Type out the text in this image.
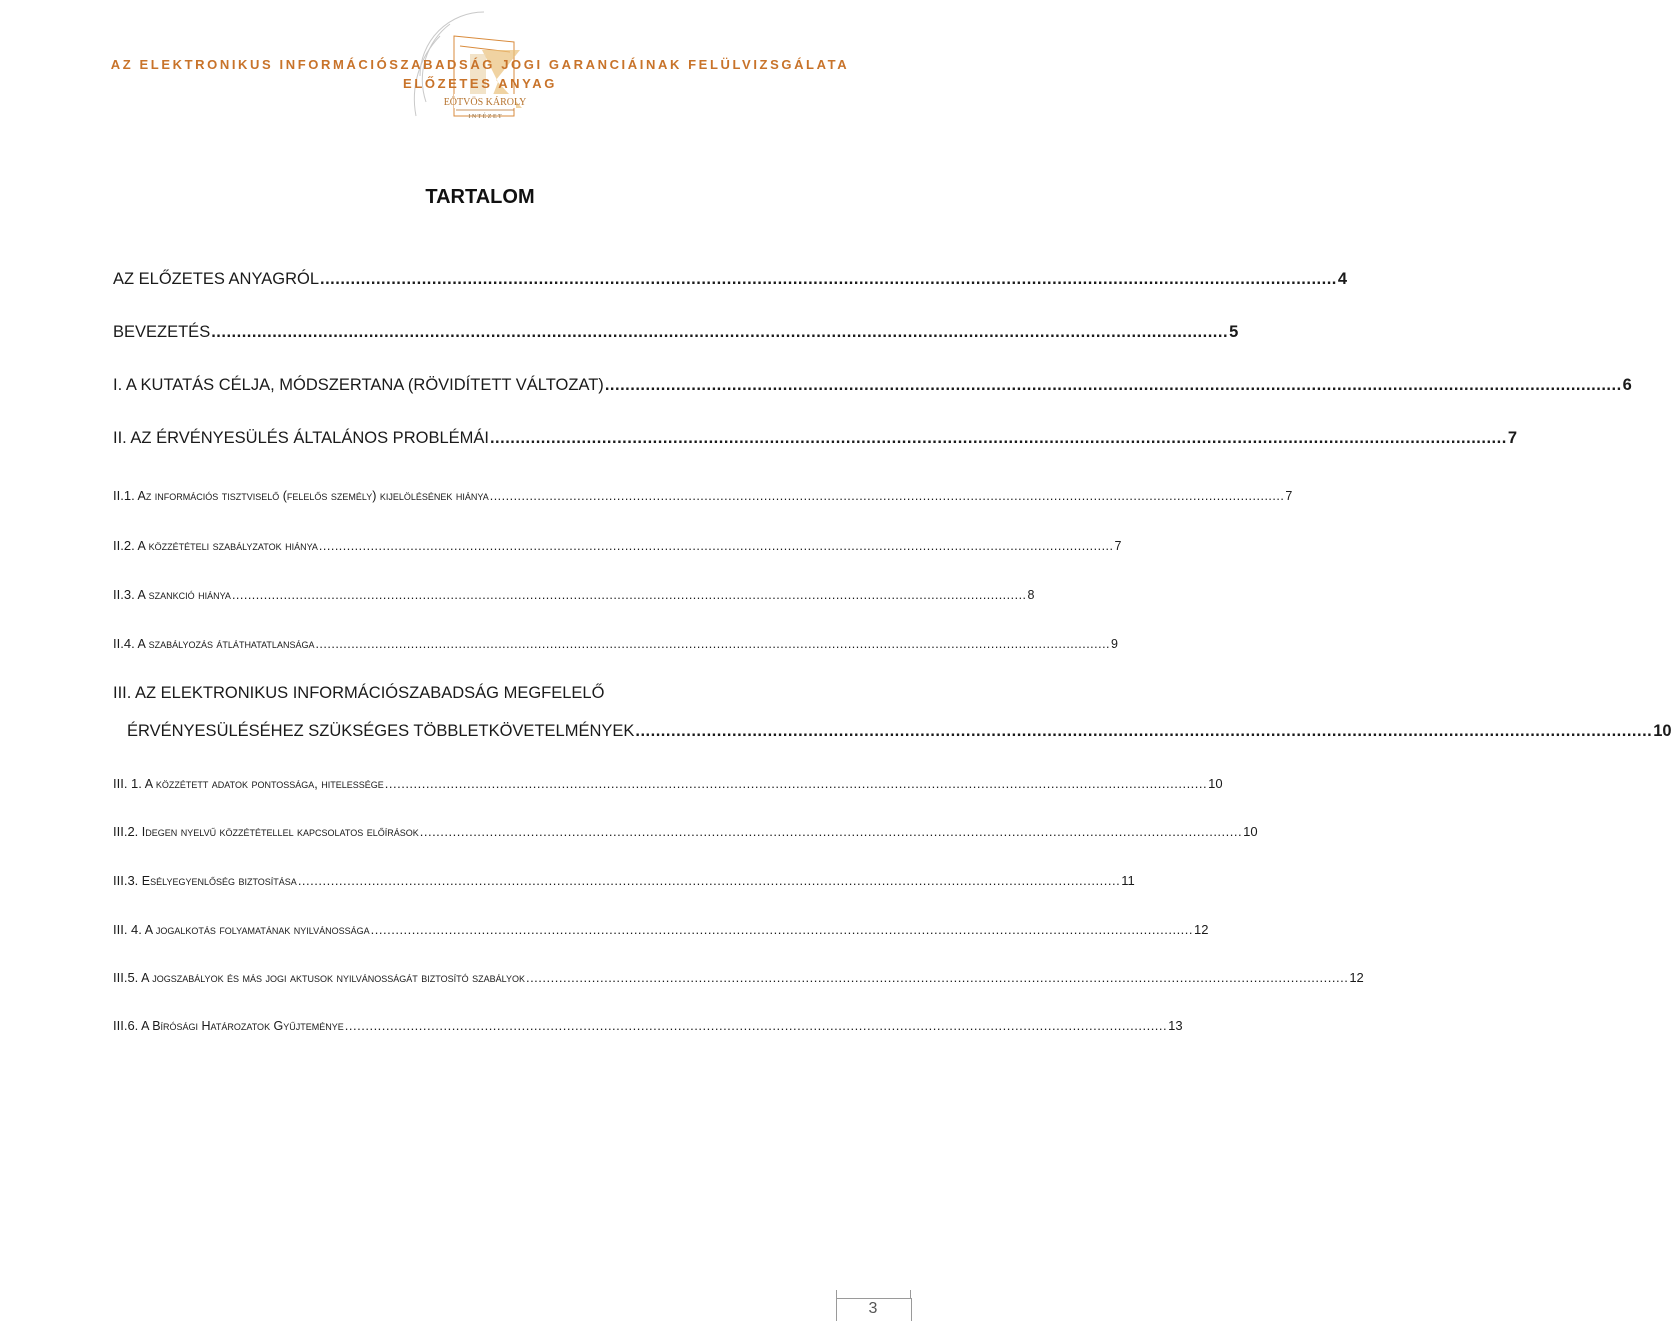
EÖTVÖS KÁROLY
I N T É Z E T
AZ ELEKTRONIKUS INFORMÁCIÓSZABADSÁG JOGI GARANCIÁINAK FELÜLVIZSGÁLATA
ELŐZETES ANYAG
TARTALOM
AZ ELŐZETES ANYAGRÓL ........................................................................................................................................................................................................ 4
BEVEZETÉS ........................................................................................................................................................................................................ 5
I. A KUTATÁS CÉLJA, MÓDSZERTANA (RÖVIDÍTETT VÁLTOZAT) ........................................................................................................................................................................................................ 6
II. AZ ÉRVÉNYESÜLÉS ÁLTALÁNOS PROBLÉMÁI ........................................................................................................................................................................................................ 7
II.1. Az információs tisztviselő (felelős személy) kijelölésének hiánya ........................................................................................................................................................................................................ 7
II.2. A közzétételi szabályzatok hiánya ........................................................................................................................................................................................................ 7
II.3. A szankció hiánya ........................................................................................................................................................................................................ 8
II.4. A szabályozás átláthatatlansága ........................................................................................................................................................................................................ 9
III. AZ ELEKTRONIKUS INFORMÁCIÓSZABADSÁG MEGFELELŐ
ÉRVÉNYESÜLÉSÉHEZ SZÜKSÉGES TÖBBLETKÖVETELMÉNYEK ........................................................................................................................................................................................................ 10
III. 1. A közzétett adatok pontossága, hitelessége ........................................................................................................................................................................................................ 10
III.2. Idegen nyelvű közzététellel kapcsolatos előírások ........................................................................................................................................................................................................ 10
III.3. Esélyegyenlőség biztosítása ........................................................................................................................................................................................................ 11
III. 4. A jogalkotás folyamatának nyilvánossága ........................................................................................................................................................................................................ 12
III.5. A jogszabályok és más jogi aktusok nyilvánosságát biztosító szabályok ........................................................................................................................................................................................................ 12
III.6. A Bírósági Határozatok Gyűjteménye ........................................................................................................................................................................................................ 13
3
